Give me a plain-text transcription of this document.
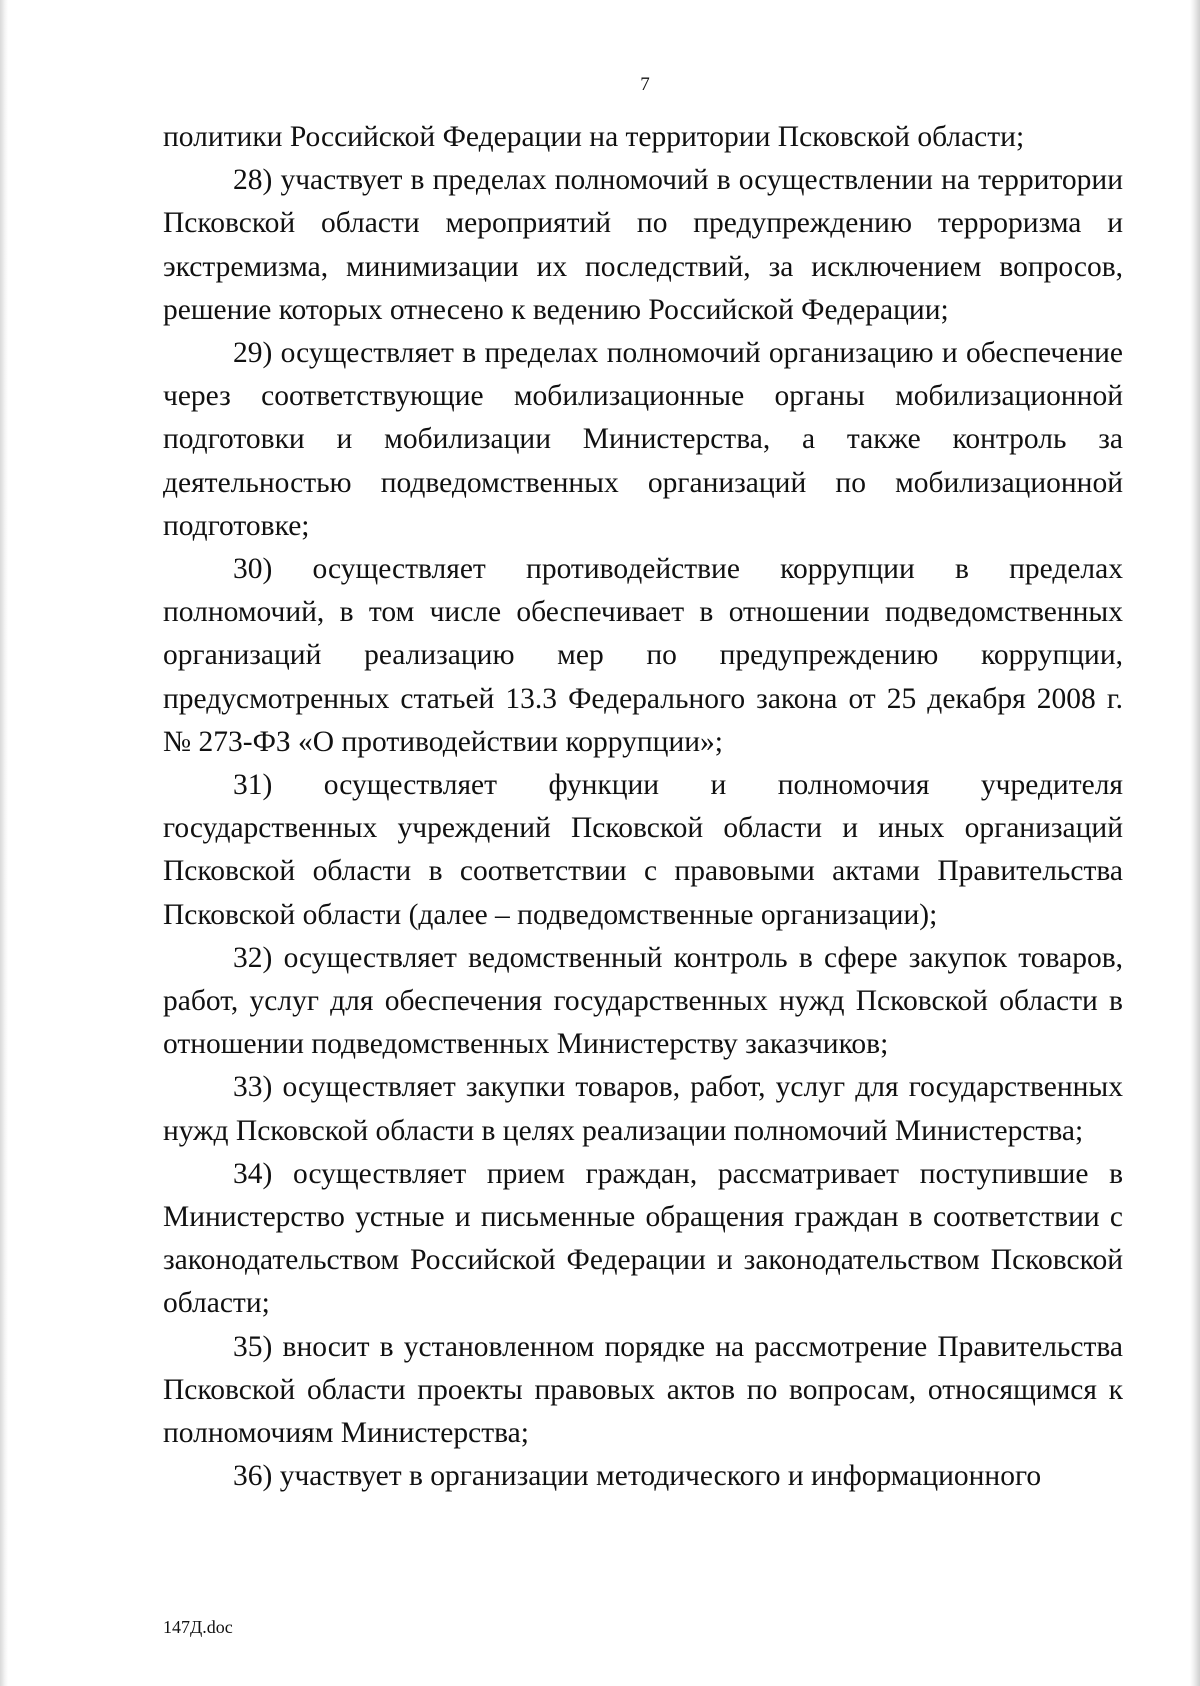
7

политики Российской Федерации на территории Псковской области;

28) участвует в пределах полномочий в осуществлении на территории Псковской области мероприятий по предупреждению терроризма и экстремизма, минимизации их последствий, за исключением вопросов, решение которых отнесено к ведению Российской Федерации;

29) осуществляет в пределах полномочий организацию и обеспечение через соответствующие мобилизационные органы мобилизационной подготовки и мобилизации Министерства, а также контроль за деятельностью подведомственных организаций по мобилизационной подготовке;

30) осуществляет противодействие коррупции в пределах полномочий, в том числе обеспечивает в отношении подведомственных организаций реализацию мер по предупреждению коррупции, предусмотренных статьей 13.3 Федерального закона от 25 декабря 2008 г. № 273-ФЗ «О противодействии коррупции»;

31) осуществляет функции и полномочия учредителя государственных учреждений Псковской области и иных организаций Псковской области в соответствии с правовыми актами Правительства Псковской области (далее – подведомственные организации);

32) осуществляет ведомственный контроль в сфере закупок товаров, работ, услуг для обеспечения государственных нужд Псковской области в отношении подведомственных Министерству заказчиков;

33) осуществляет закупки товаров, работ, услуг для государственных нужд Псковской области в целях реализации полномочий Министерства;

34) осуществляет прием граждан, рассматривает поступившие в Министерство устные и письменные обращения граждан в соответствии с законодательством Российской Федерации и законодательством Псковской области;

35) вносит в установленном порядке на рассмотрение Правительства Псковской области проекты правовых актов по вопросам, относящимся к полномочиям Министерства;

36) участвует в организации методического и информационного

147Д.doc
